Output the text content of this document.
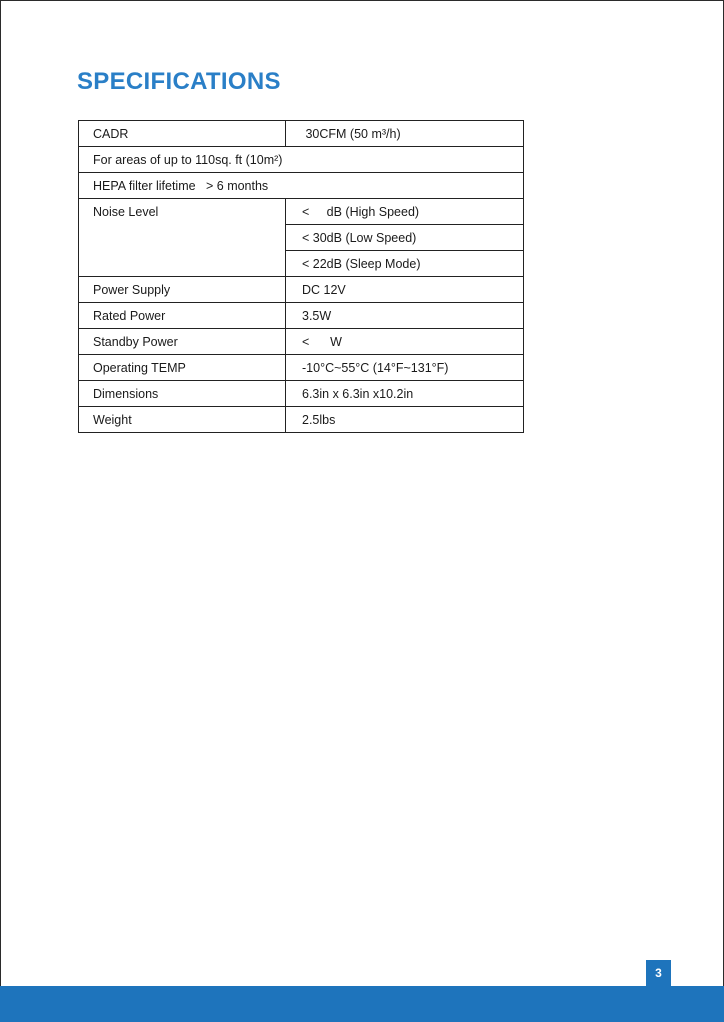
SPECIFICATIONS
CADR	30CFM (50 m³/h)
For areas of up to 110sq. ft (10m²)	
HEPA filter lifetime   > 6 months	
Noise Level	<     dB (High Speed)
	< 30dB (Low Speed)
	< 22dB (Sleep Mode)
Power Supply	DC 12V
Rated Power	3.5W
Standby Power	<      W
Operating TEMP	-10°C~55°C (14°F~131°F)
Dimensions	6.3in x 6.3in x10.2in
Weight	2.5lbs
3
